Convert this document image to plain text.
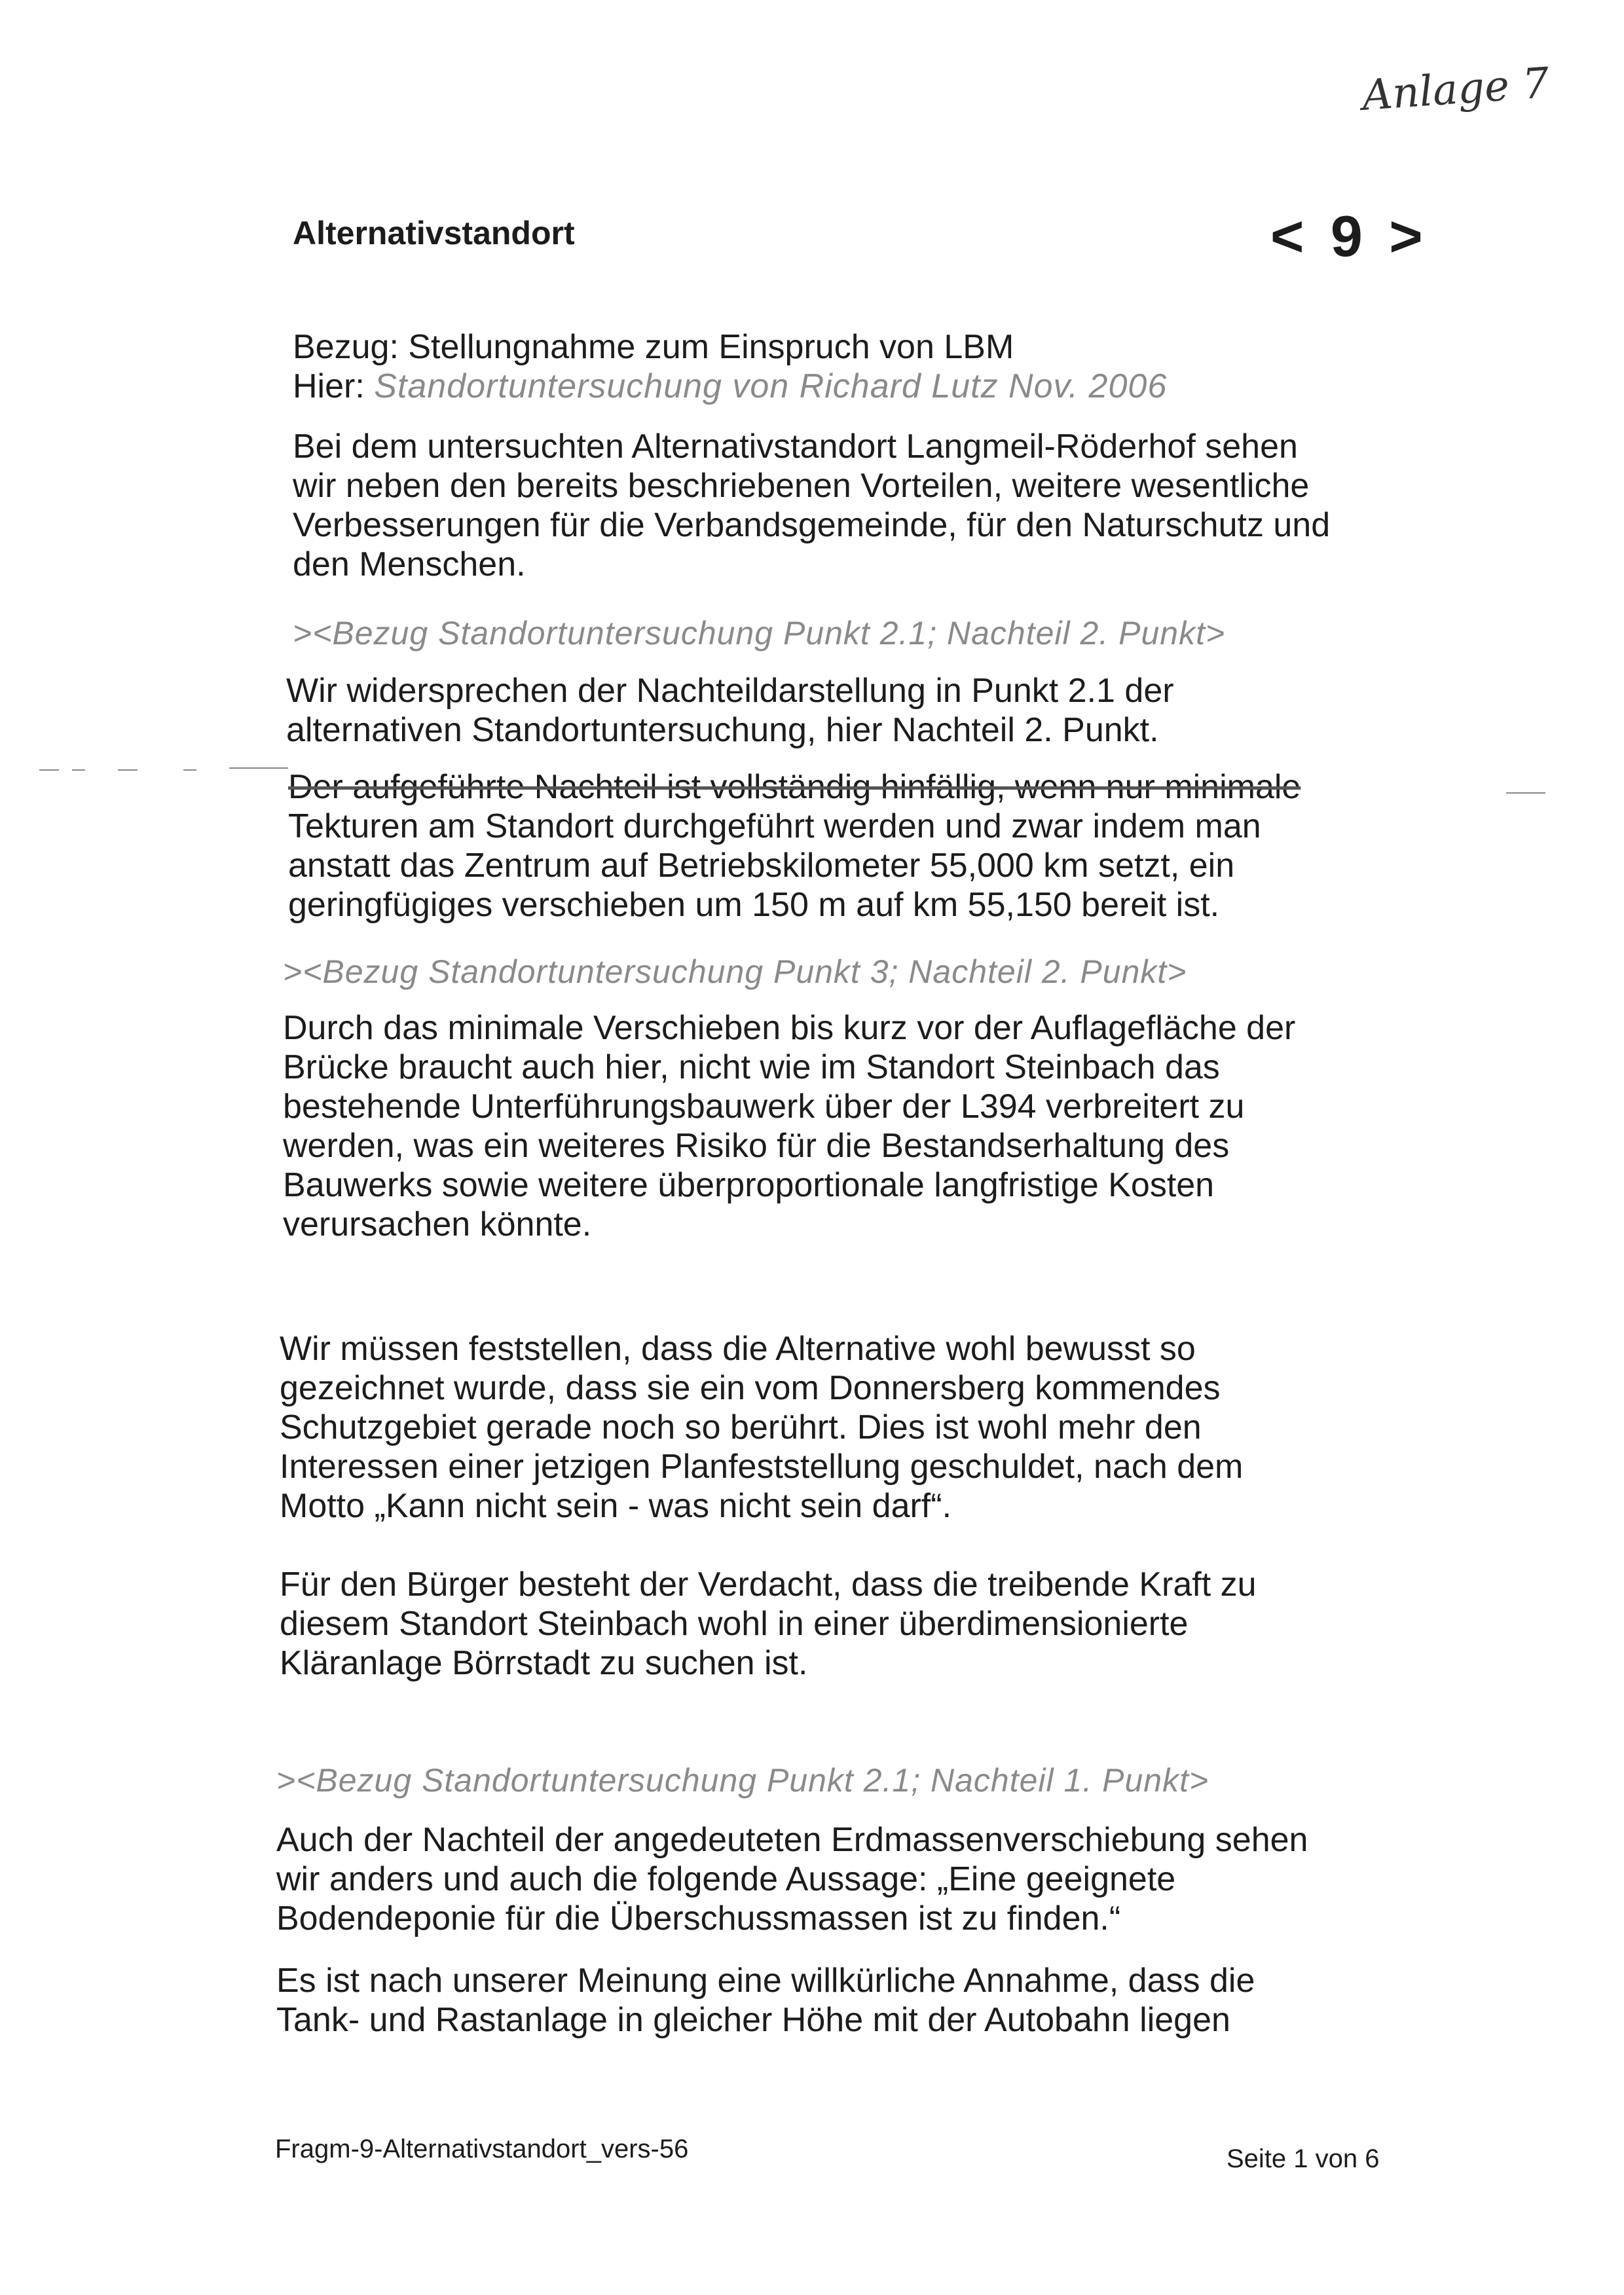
Anlage 7
Alternativstandort	< 9 >
Bezug: Stellungnahme zum Einspruch von LBM
Hier: Standortuntersuchung von Richard Lutz Nov. 2006
Bei dem untersuchten Alternativstandort Langmeil-Röderhof sehen
wir neben den bereits beschriebenen Vorteilen, weitere wesentliche
Verbesserungen für die Verbandsgemeinde, für den Naturschutz und
den Menschen.
><Bezug Standortuntersuchung Punkt 2.1; Nachteil 2. Punkt>
Wir widersprechen der Nachteildarstellung in Punkt 2.1 der
alternativen Standortuntersuchung, hier Nachteil 2. Punkt.
Der aufgeführte Nachteil ist vollständig hinfällig, wenn nur minimale
Tekturen am Standort durchgeführt werden und zwar indem man
anstatt das Zentrum auf Betriebskilometer 55,000 km setzt, ein
geringfügiges verschieben um 150 m auf km 55,150 bereit ist.
><Bezug Standortuntersuchung Punkt 3; Nachteil 2. Punkt>
Durch das minimale Verschieben bis kurz vor der Auflagefläche der
Brücke braucht auch hier, nicht wie im Standort Steinbach das
bestehende Unterführungsbauwerk über der L394 verbreitert zu
werden, was ein weiteres Risiko für die Bestandserhaltung des
Bauwerks sowie weitere überproportionale langfristige Kosten
verursachen könnte.
Wir müssen feststellen, dass die Alternative wohl bewusst so
gezeichnet wurde, dass sie ein vom Donnersberg kommendes
Schutzgebiet gerade noch so berührt. Dies ist wohl mehr den
Interessen einer jetzigen Planfeststellung geschuldet, nach dem
Motto „Kann nicht sein - was nicht sein darf“.
Für den Bürger besteht der Verdacht, dass die treibende Kraft zu
diesem Standort Steinbach wohl in einer überdimensionierte
Kläranlage Börrstadt zu suchen ist.
><Bezug Standortuntersuchung Punkt 2.1; Nachteil 1. Punkt>
Auch der Nachteil der angedeuteten Erdmassenverschiebung sehen
wir anders und auch die folgende Aussage: „Eine geeignete
Bodendeponie für die Überschussmassen ist zu finden.“
Es ist nach unserer Meinung eine willkürliche Annahme, dass die
Tank- und Rastanlage in gleicher Höhe mit der Autobahn liegen
Fragm-9-Alternativstandort_vers-56	Seite 1 von 6
